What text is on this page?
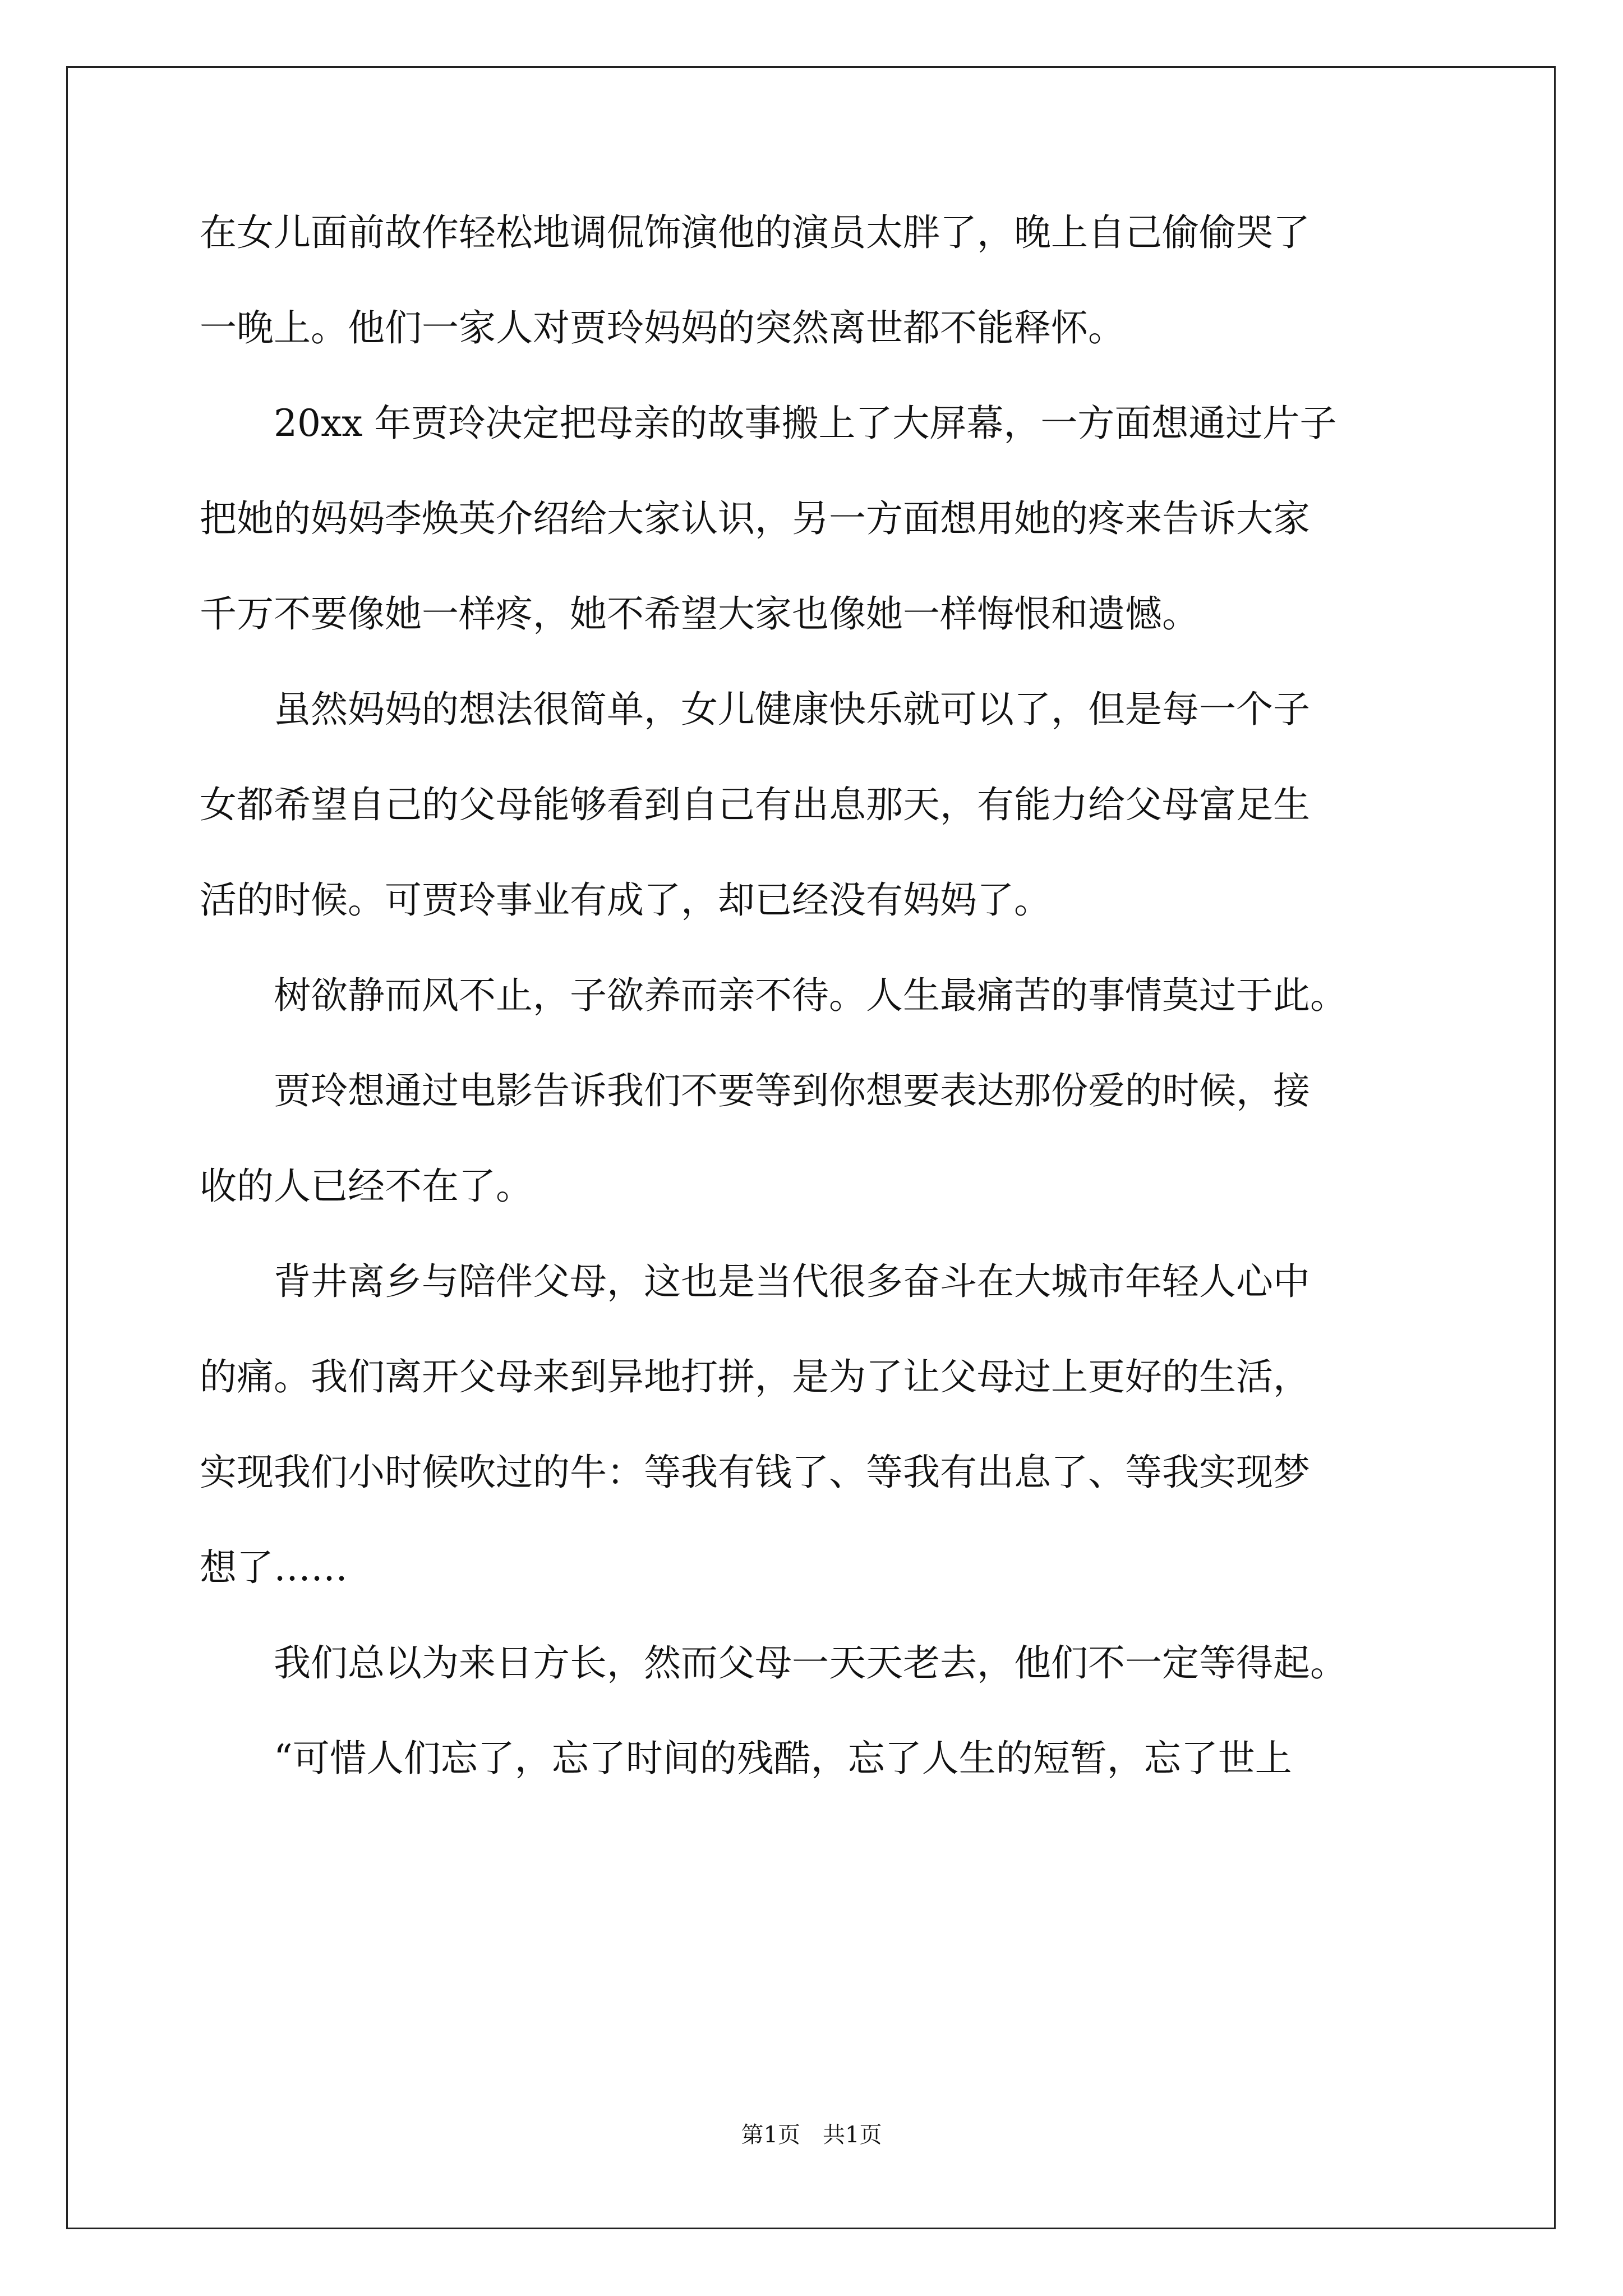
在女儿面前故作轻松地调侃饰演他的演员太胖了，晚上自己偷偷哭了
一晚上。他们一家人对贾玲妈妈的突然离世都不能释怀。
　　20xx 年贾玲决定把母亲的故事搬上了大屏幕，一方面想通过片子
把她的妈妈李焕英介绍给大家认识，另一方面想用她的疼来告诉大家
千万不要像她一样疼，她不希望大家也像她一样悔恨和遗憾。
　　虽然妈妈的想法很简单，女儿健康快乐就可以了，但是每一个子
女都希望自己的父母能够看到自己有出息那天，有能力给父母富足生
活的时候。可贾玲事业有成了，却已经没有妈妈了。
　　树欲静而风不止，子欲养而亲不待。人生最痛苦的事情莫过于此。
　　贾玲想通过电影告诉我们不要等到你想要表达那份爱的时候，接
收的人已经不在了。
　　背井离乡与陪伴父母，这也是当代很多奋斗在大城市年轻人心中
的痛。我们离开父母来到异地打拼，是为了让父母过上更好的生活，
实现我们小时候吹过的牛：等我有钱了、等我有出息了、等我实现梦
想了……
　　我们总以为来日方长，然而父母一天天老去，他们不一定等得起。
　　“可惜人们忘了，忘了时间的残酷，忘了人生的短暂，忘了世上
第1页　共1页
